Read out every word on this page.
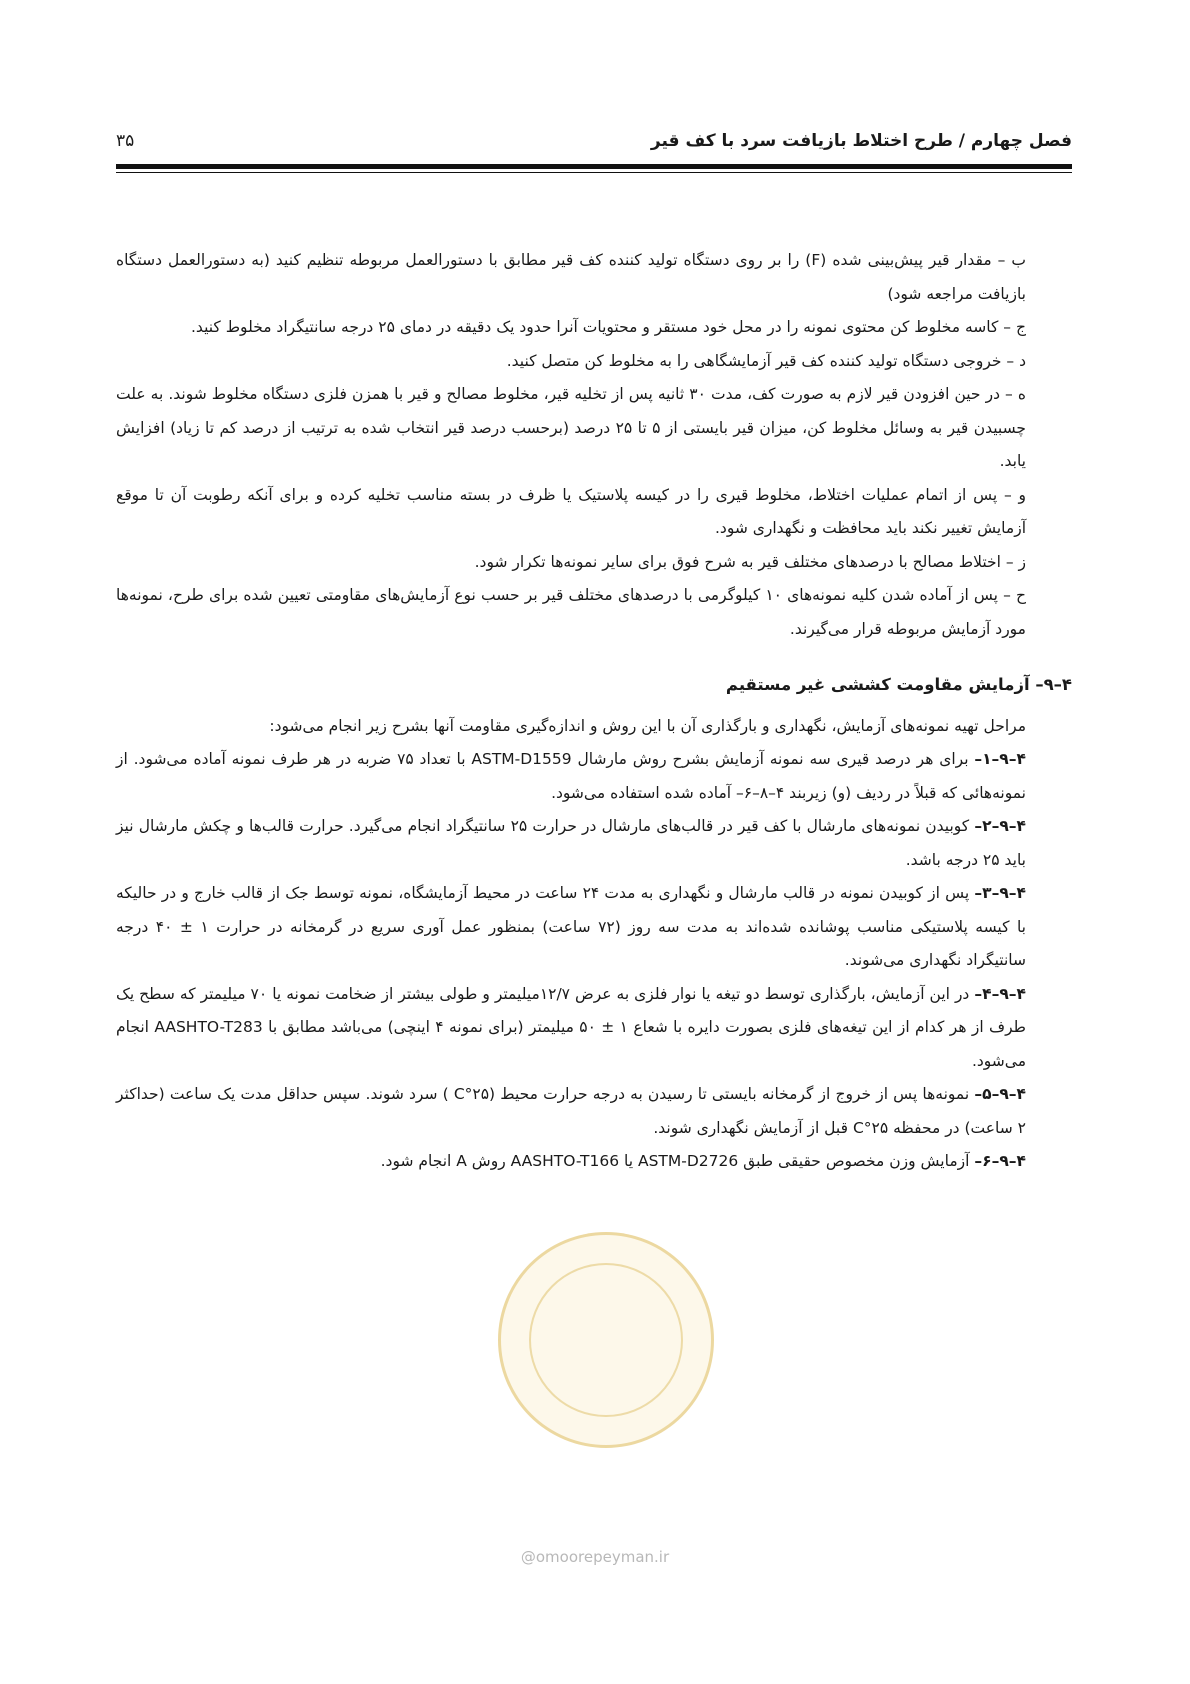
فصل چهارم / طرح اختلاط بازیافت سرد با کف قیر
۳۵

ب – مقدار قیر پیش‌بینی شده (F) را بر روی دستگاه تولید کننده کف قیر مطابق با دستورالعمل مربوطه تنظیم کنید (به دستورالعمل دستگاه بازیافت مراجعه شود)

ج – کاسه مخلوط کن محتوی نمونه را در محل خود مستقر و محتویات آنرا حدود یک دقیقه در دمای ۲۵ درجه سانتیگراد مخلوط کنید.

د – خروجی دستگاه تولید کننده کف قیر آزمایشگاهی را به مخلوط کن متصل کنید.

ه – در حین افزودن قیر لازم به صورت کف، مدت ۳۰ ثانیه پس از تخلیه قیر، مخلوط مصالح و قیر با همزن فلزی دستگاه مخلوط شوند. به علت چسبیدن قیر به وسائل مخلوط کن، میزان قیر بایستی از ۵ تا ۲۵ درصد (برحسب درصد قیر انتخاب شده به ترتیب از درصد کم تا زیاد) افزایش یابد.

و – پس از اتمام عملیات اختلاط، مخلوط قیری را در کیسه پلاستیک یا ظرف در بسته مناسب تخلیه کرده و برای آنکه رطوبت آن تا موقع آزمایش تغییر نکند باید محافظت و نگهداری شود.

ز – اختلاط مصالح با درصدهای مختلف قیر به شرح فوق برای سایر نمونه‌ها تکرار شود.

ح – پس از آماده شدن کلیه نمونه‌های ۱۰ کیلوگرمی با درصدهای مختلف قیر بر حسب نوع آزمایش‌های مقاومتی تعیین شده برای طرح، نمونه‌ها مورد آزمایش مربوطه قرار می‌گیرند.

۴–۹– آزمایش مقاومت کششی غیر مستقیم

مراحل تهیه نمونه‌های آزمایش، نگهداری و بارگذاری آن با این روش و اندازه‌گیری مقاومت آنها بشرح زیر انجام می‌شود:

۴–۹–۱– برای هر درصد قیری سه نمونه آزمایش بشرح روش مارشال ASTM-D1559 با تعداد ۷۵ ضربه در هر طرف نمونه آماده می‌شود. از نمونه‌هائی که قبلاً در ردیف (و) زیربند ۴–۸–۶– آماده شده استفاده می‌شود.

۴–۹–۲– کوبیدن نمونه‌های مارشال با کف قیر در قالب‌های مارشال در حرارت ۲۵ سانتیگراد انجام می‌گیرد. حرارت قالب‌ها و چکش مارشال نیز باید ۲۵ درجه باشد.

۴–۹–۳– پس از کوبیدن نمونه در قالب مارشال و نگهداری به مدت ۲۴ ساعت در محیط آزمایشگاه، نمونه توسط جک از قالب خارج و در حالیکه با کیسه پلاستیکی مناسب پوشانده شده‌اند به مدت سه روز (۷۲ ساعت) بمنظور عمل آوری سریع در گرمخانه در حرارت ۱ ± ۴۰ درجه سانتیگراد نگهداری می‌شوند.

۴–۹–۴– در این آزمایش، بارگذاری توسط دو تیغه یا نوار فلزی به عرض ۱۲/۷میلیمتر و طولی بیشتر از ضخامت نمونه یا ۷۰ میلیمتر که سطح یک طرف از هر کدام از این تیغه‌های فلزی بصورت دایره با شعاع ۱ ± ۵۰ میلیمتر (برای نمونه ۴ اینچی) می‌باشد مطابق با AASHTO-T283 انجام می‌شود.

۴–۹–۵– نمونه‌ها پس از خروج از گرمخانه بایستی تا رسیدن به درجه حرارت محیط (۲۵°C ) سرد شوند. سپس حداقل مدت یک ساعت (حداکثر ۲ ساعت) در محفظه ۲۵°C قبل از آزمایش نگهداری شوند.

۴–۹–۶– آزمایش وزن مخصوص حقیقی طبق ASTM-D2726 یا AASHTO-T166 روش A انجام شود.

@omoorepeyman.ir
